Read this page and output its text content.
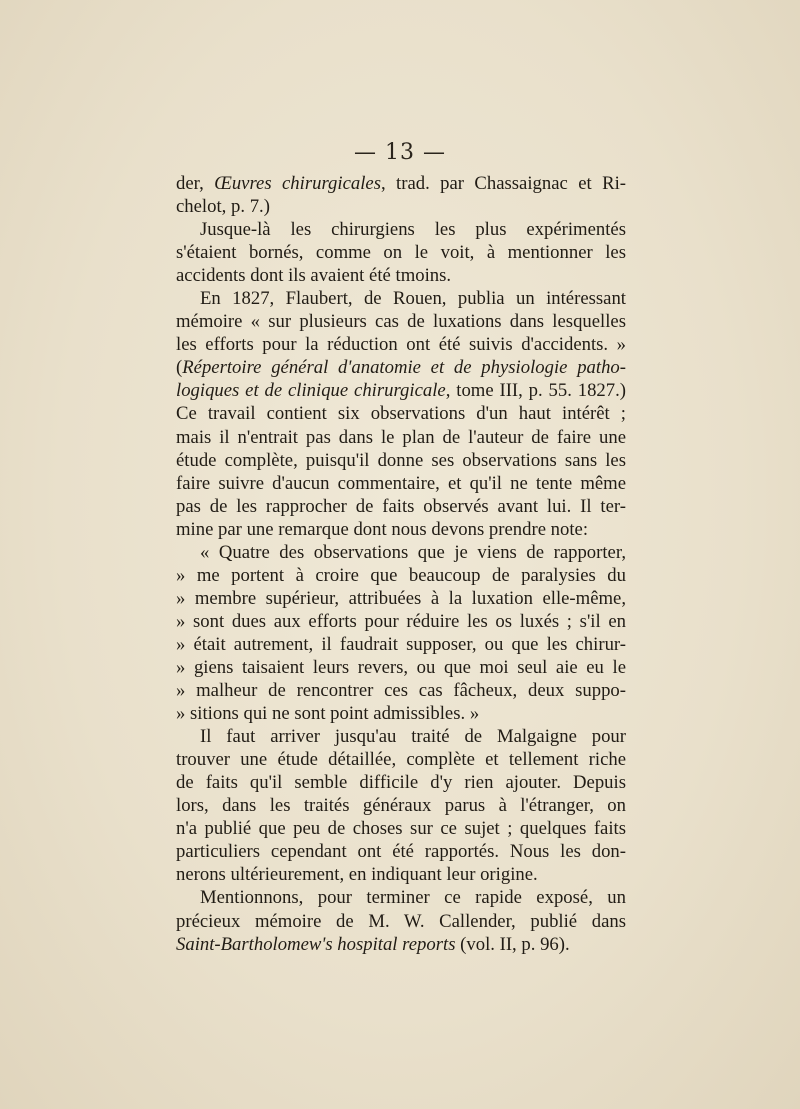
— 13 —
der, Œuvres chirurgicales, trad. par Chassaignac et Ri-
chelot, p. 7.)
Jusque-là les chirurgiens les plus expérimentés
s'étaient bornés, comme on le voit, à mentionner les
accidents dont ils avaient été tmoins.
En 1827, Flaubert, de Rouen, publia un intéressant
mémoire « sur plusieurs cas de luxations dans lesquelles
les efforts pour la réduction ont été suivis d'accidents. »
(Répertoire général d'anatomie et de physiologie patho-
logiques et de clinique chirurgicale, tome III, p. 55. 1827.)
Ce travail contient six observations d'un haut intérêt ;
mais il n'entrait pas dans le plan de l'auteur de faire une
étude complète, puisqu'il donne ses observations sans les
faire suivre d'aucun commentaire, et qu'il ne tente même
pas de les rapprocher de faits observés avant lui. Il ter-
mine par une remarque dont nous devons prendre note:
« Quatre des observations que je viens de rapporter,
» me portent à croire que beaucoup de paralysies du
» membre supérieur, attribuées à la luxation elle-même,
» sont dues aux efforts pour réduire les os luxés ; s'il en
» était autrement, il faudrait supposer, ou que les chirur-
» giens taisaient leurs revers, ou que moi seul aie eu le
» malheur de rencontrer ces cas fâcheux, deux suppo-
» sitions qui ne sont point admissibles. »
Il faut arriver jusqu'au traité de Malgaigne pour
trouver une étude détaillée, complète et tellement riche
de faits qu'il semble difficile d'y rien ajouter. Depuis
lors, dans les traités généraux parus à l'étranger, on
n'a publié que peu de choses sur ce sujet ; quelques faits
particuliers cependant ont été rapportés. Nous les don-
nerons ultérieurement, en indiquant leur origine.
Mentionnons, pour terminer ce rapide exposé, un
précieux mémoire de M. W. Callender, publié dans
Saint-Bartholomew's hospital reports (vol. II, p. 96).
